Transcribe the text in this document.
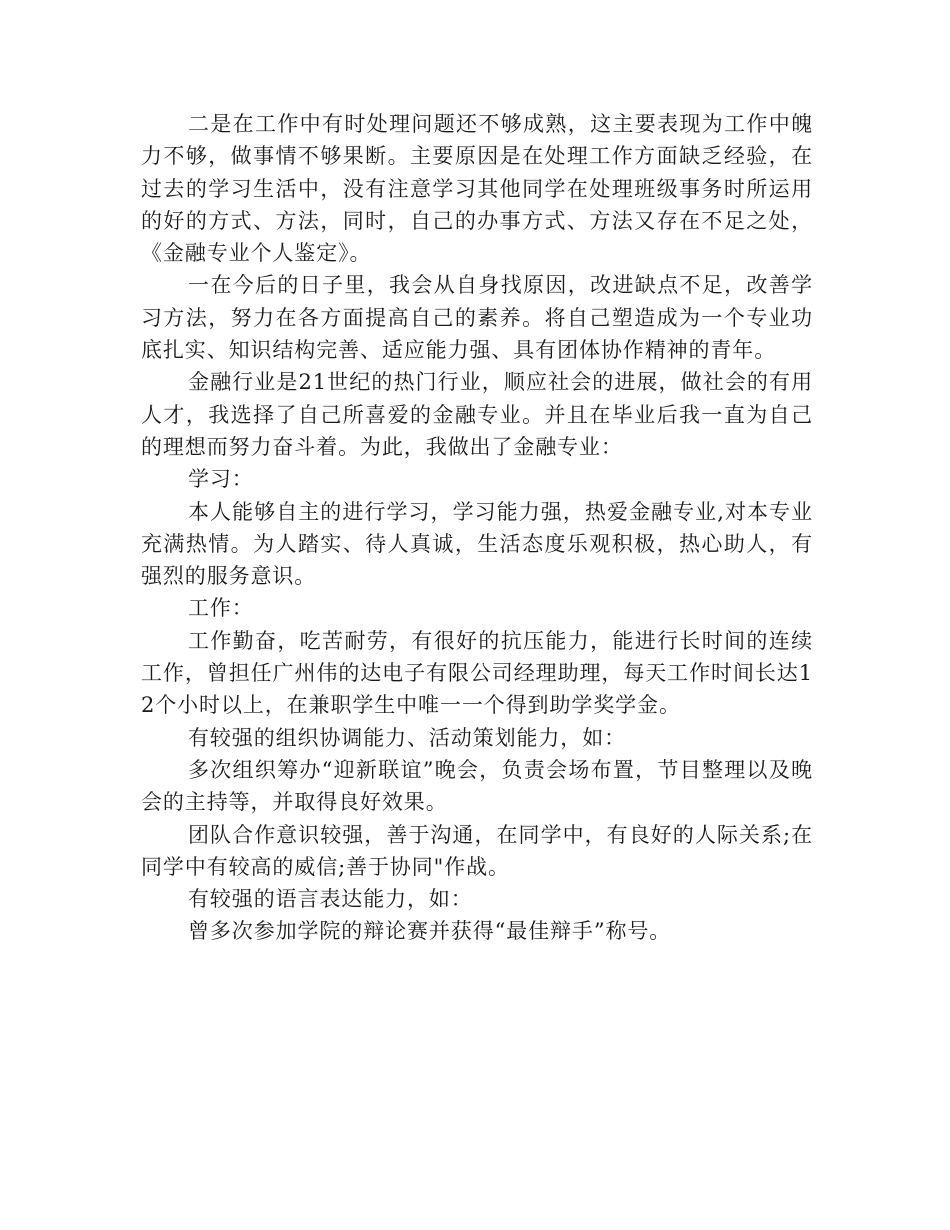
二是在工作中有时处理问题还不够成熟，这主要表现为工作中魄力不够，做事情不够果断。主要原因是在处理工作方面缺乏经验，在过去的学习生活中，没有注意学习其他同学在处理班级事务时所运用的好的方式、方法，同时，自己的办事方式、方法又存在不足之处，《金融专业个人鉴定》。

一在今后的日子里，我会从自身找原因，改进缺点不足，改善学习方法，努力在各方面提高自己的素养。将自己塑造成为一个专业功底扎实、知识结构完善、适应能力强、具有团体协作精神的青年。

金融行业是21世纪的热门行业，顺应社会的进展，做社会的有用人才，我选择了自己所喜爱的金融专业。并且在毕业后我一直为自己的理想而努力奋斗着。为此，我做出了金融专业：

学习：

本人能够自主的进行学习，学习能力强，热爱金融专业,对本专业充满热情。为人踏实、待人真诚，生活态度乐观积极，热心助人，有强烈的服务意识。

工作：

工作勤奋，吃苦耐劳，有很好的抗压能力，能进行长时间的连续工作，曾担任广州伟的达电子有限公司经理助理，每天工作时间长达12个小时以上，在兼职学生中唯一一个得到助学奖学金。

有较强的组织协调能力、活动策划能力，如：

多次组织筹办“迎新联谊”晚会，负责会场布置，节目整理以及晚会的主持等，并取得良好效果。

团队合作意识较强，善于沟通，在同学中，有良好的人际关系;在同学中有较高的威信;善于协同"作战。

有较强的语言表达能力，如：

曾多次参加学院的辩论赛并获得“最佳辩手”称号。
